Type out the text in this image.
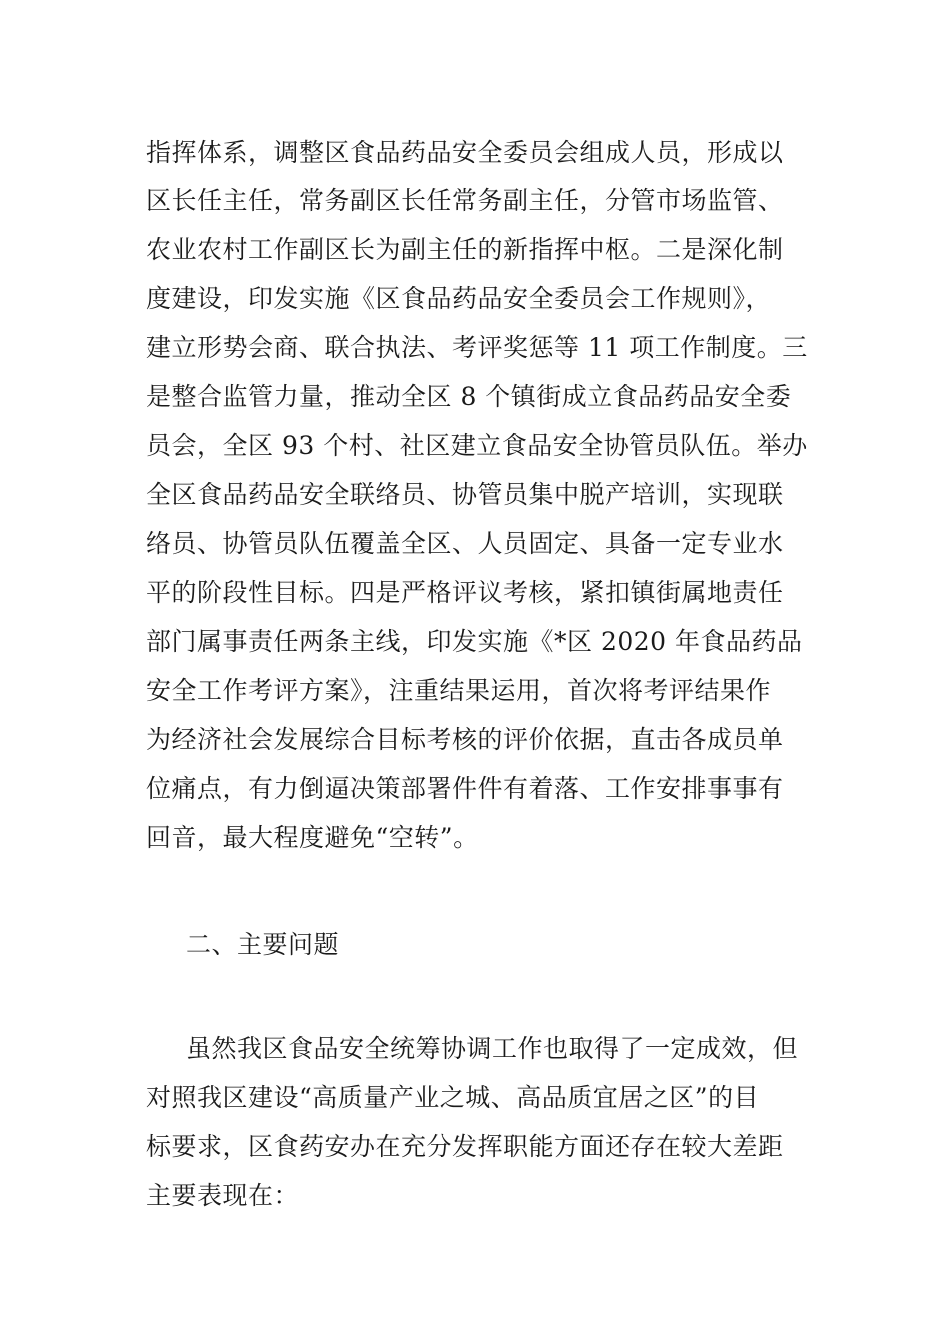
指挥体系，调整区食品药品安全委员会组成人员，形成以
区长任主任，常务副区长任常务副主任，分管市场监管、
农业农村工作副区长为副主任的新指挥中枢。二是深化制
度建设，印发实施《区食品药品安全委员会工作规则》，
建立形势会商、联合执法、考评奖惩等 11 项工作制度。三
是整合监管力量，推动全区 8 个镇街成立食品药品安全委
员会，全区 93 个村、社区建立食品安全协管员队伍。举办
全区食品药品安全联络员、协管员集中脱产培训，实现联
络员、协管员队伍覆盖全区、人员固定、具备一定专业水
平的阶段性目标。四是严格评议考核，紧扣镇街属地责任
部门属事责任两条主线，印发实施《*区 2020 年食品药品
安全工作考评方案》，注重结果运用，首次将考评结果作
为经济社会发展综合目标考核的评价依据，直击各成员单
位痛点，有力倒逼决策部署件件有着落、工作安排事事有
回音，最大程度避免“空转”。
二、主要问题
虽然我区食品安全统筹协调工作也取得了一定成效，但
对照我区建设“高质量产业之城、高品质宜居之区”的目
标要求，区食药安办在充分发挥职能方面还存在较大差距
主要表现在：
